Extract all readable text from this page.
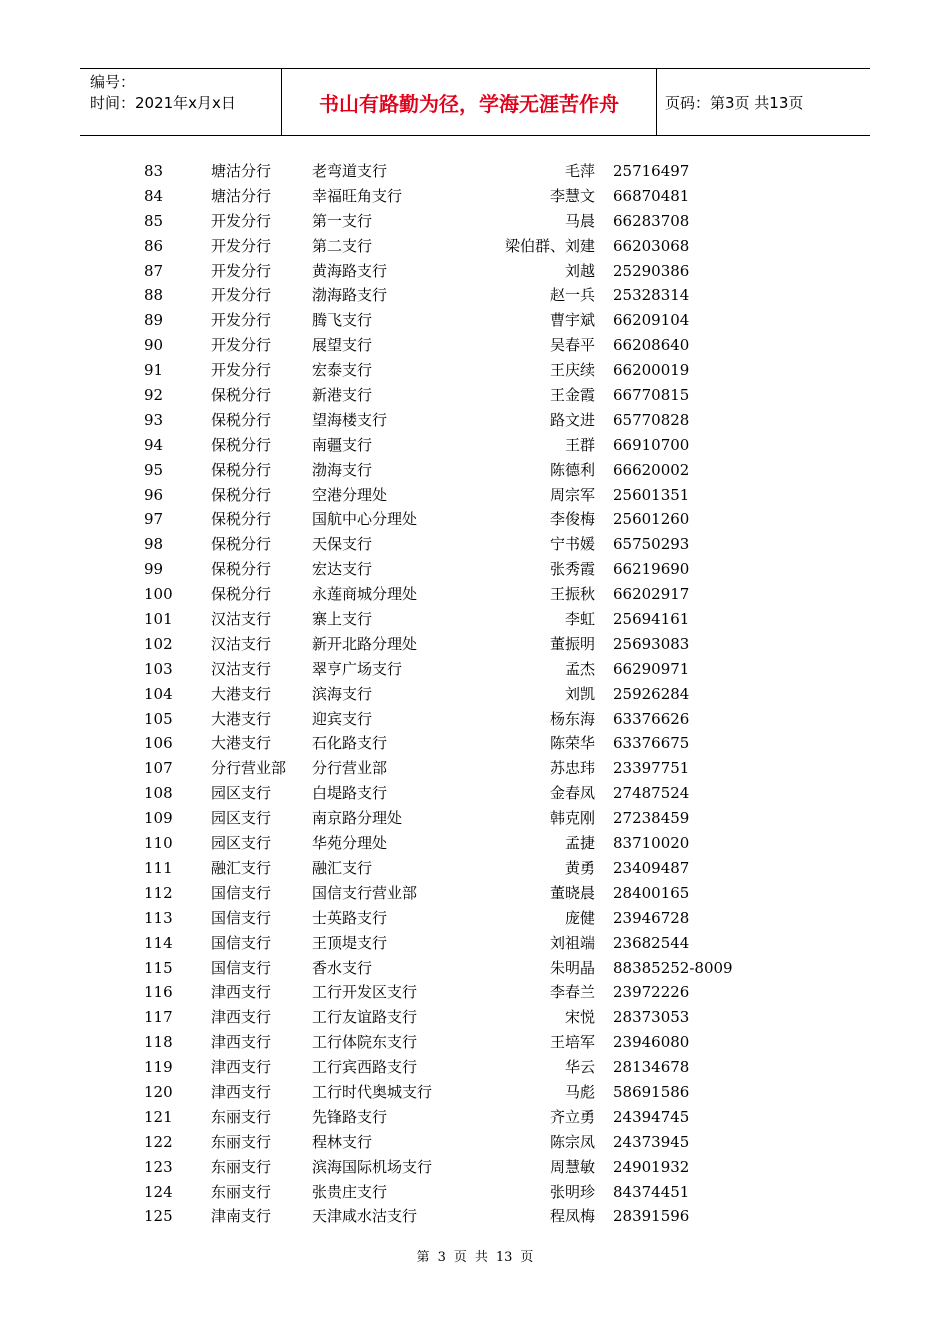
编号：
时间：2021年x月x日	书山有路勤为径，学海无涯苦作舟	页码：第3页 共13页
83	塘沽分行	老弯道支行	毛萍 25716497
84	塘沽分行	幸福旺角支行	李慧文 66870481
85	开发分行	第一支行	马晨 66283708
86	开发分行	第二支行	梁伯群、刘建 66203068
87	开发分行	黄海路支行	刘越 25290386
88	开发分行	渤海路支行	赵一兵 25328314
89	开发分行	腾飞支行	曹宇斌 66209104
90	开发分行	展望支行	吴春平 66208640
91	开发分行	宏泰支行	王庆续 66200019
92	保税分行	新港支行	王金霞 66770815
93	保税分行	望海楼支行	路文进 65770828
94	保税分行	南疆支行	王群 66910700
95	保税分行	渤海支行	陈德利 66620002
96	保税分行	空港分理处	周宗军 25601351
97	保税分行	国航中心分理处	李俊梅 25601260
98	保税分行	天保支行	宁书媛 65750293
99	保税分行	宏达支行	张秀霞 66219690
100	保税分行	永莲商城分理处	王振秋 66202917
101	汉沽支行	寨上支行	李虹 25694161
102	汉沽支行	新开北路分理处	董振明 25693083
103	汉沽支行	翠亨广场支行	孟杰 66290971
104	大港支行	滨海支行	刘凯 25926284
105	大港支行	迎宾支行	杨东海 63376626
106	大港支行	石化路支行	陈荣华 63376675
107	分行营业部 分行营业部	苏忠玮 23397751
108	园区支行	白堤路支行	金春凤 27487524
109	园区支行	南京路分理处	韩克刚 27238459
110	园区支行	华苑分理处	孟捷 83710020
111	融汇支行	融汇支行	黄勇 23409487
112	国信支行	国信支行营业部	董晓晨 28400165
113	国信支行	士英路支行	庞健 23946728
114	国信支行	王顶堤支行	刘祖端 23682544
115	国信支行	香水支行	朱明晶 88385252-8009
116	津西支行	工行开发区支行	李春兰 23972226
117	津西支行	工行友谊路支行	宋悦 28373053
118	津西支行	工行体院东支行	王培军 23946080
119	津西支行	工行宾西路支行	华云 28134678
120	津西支行	工行时代奥城支行	马彪 58691586
121	东丽支行	先锋路支行	齐立勇 24394745
122	东丽支行	程林支行	陈宗凤 24373945
123	东丽支行	滨海国际机场支行	周慧敏 24901932
124	东丽支行	张贵庄支行	张明珍 84374451
125	津南支行	天津咸水沽支行	程凤梅 28391596
第 3 页 共 13 页
